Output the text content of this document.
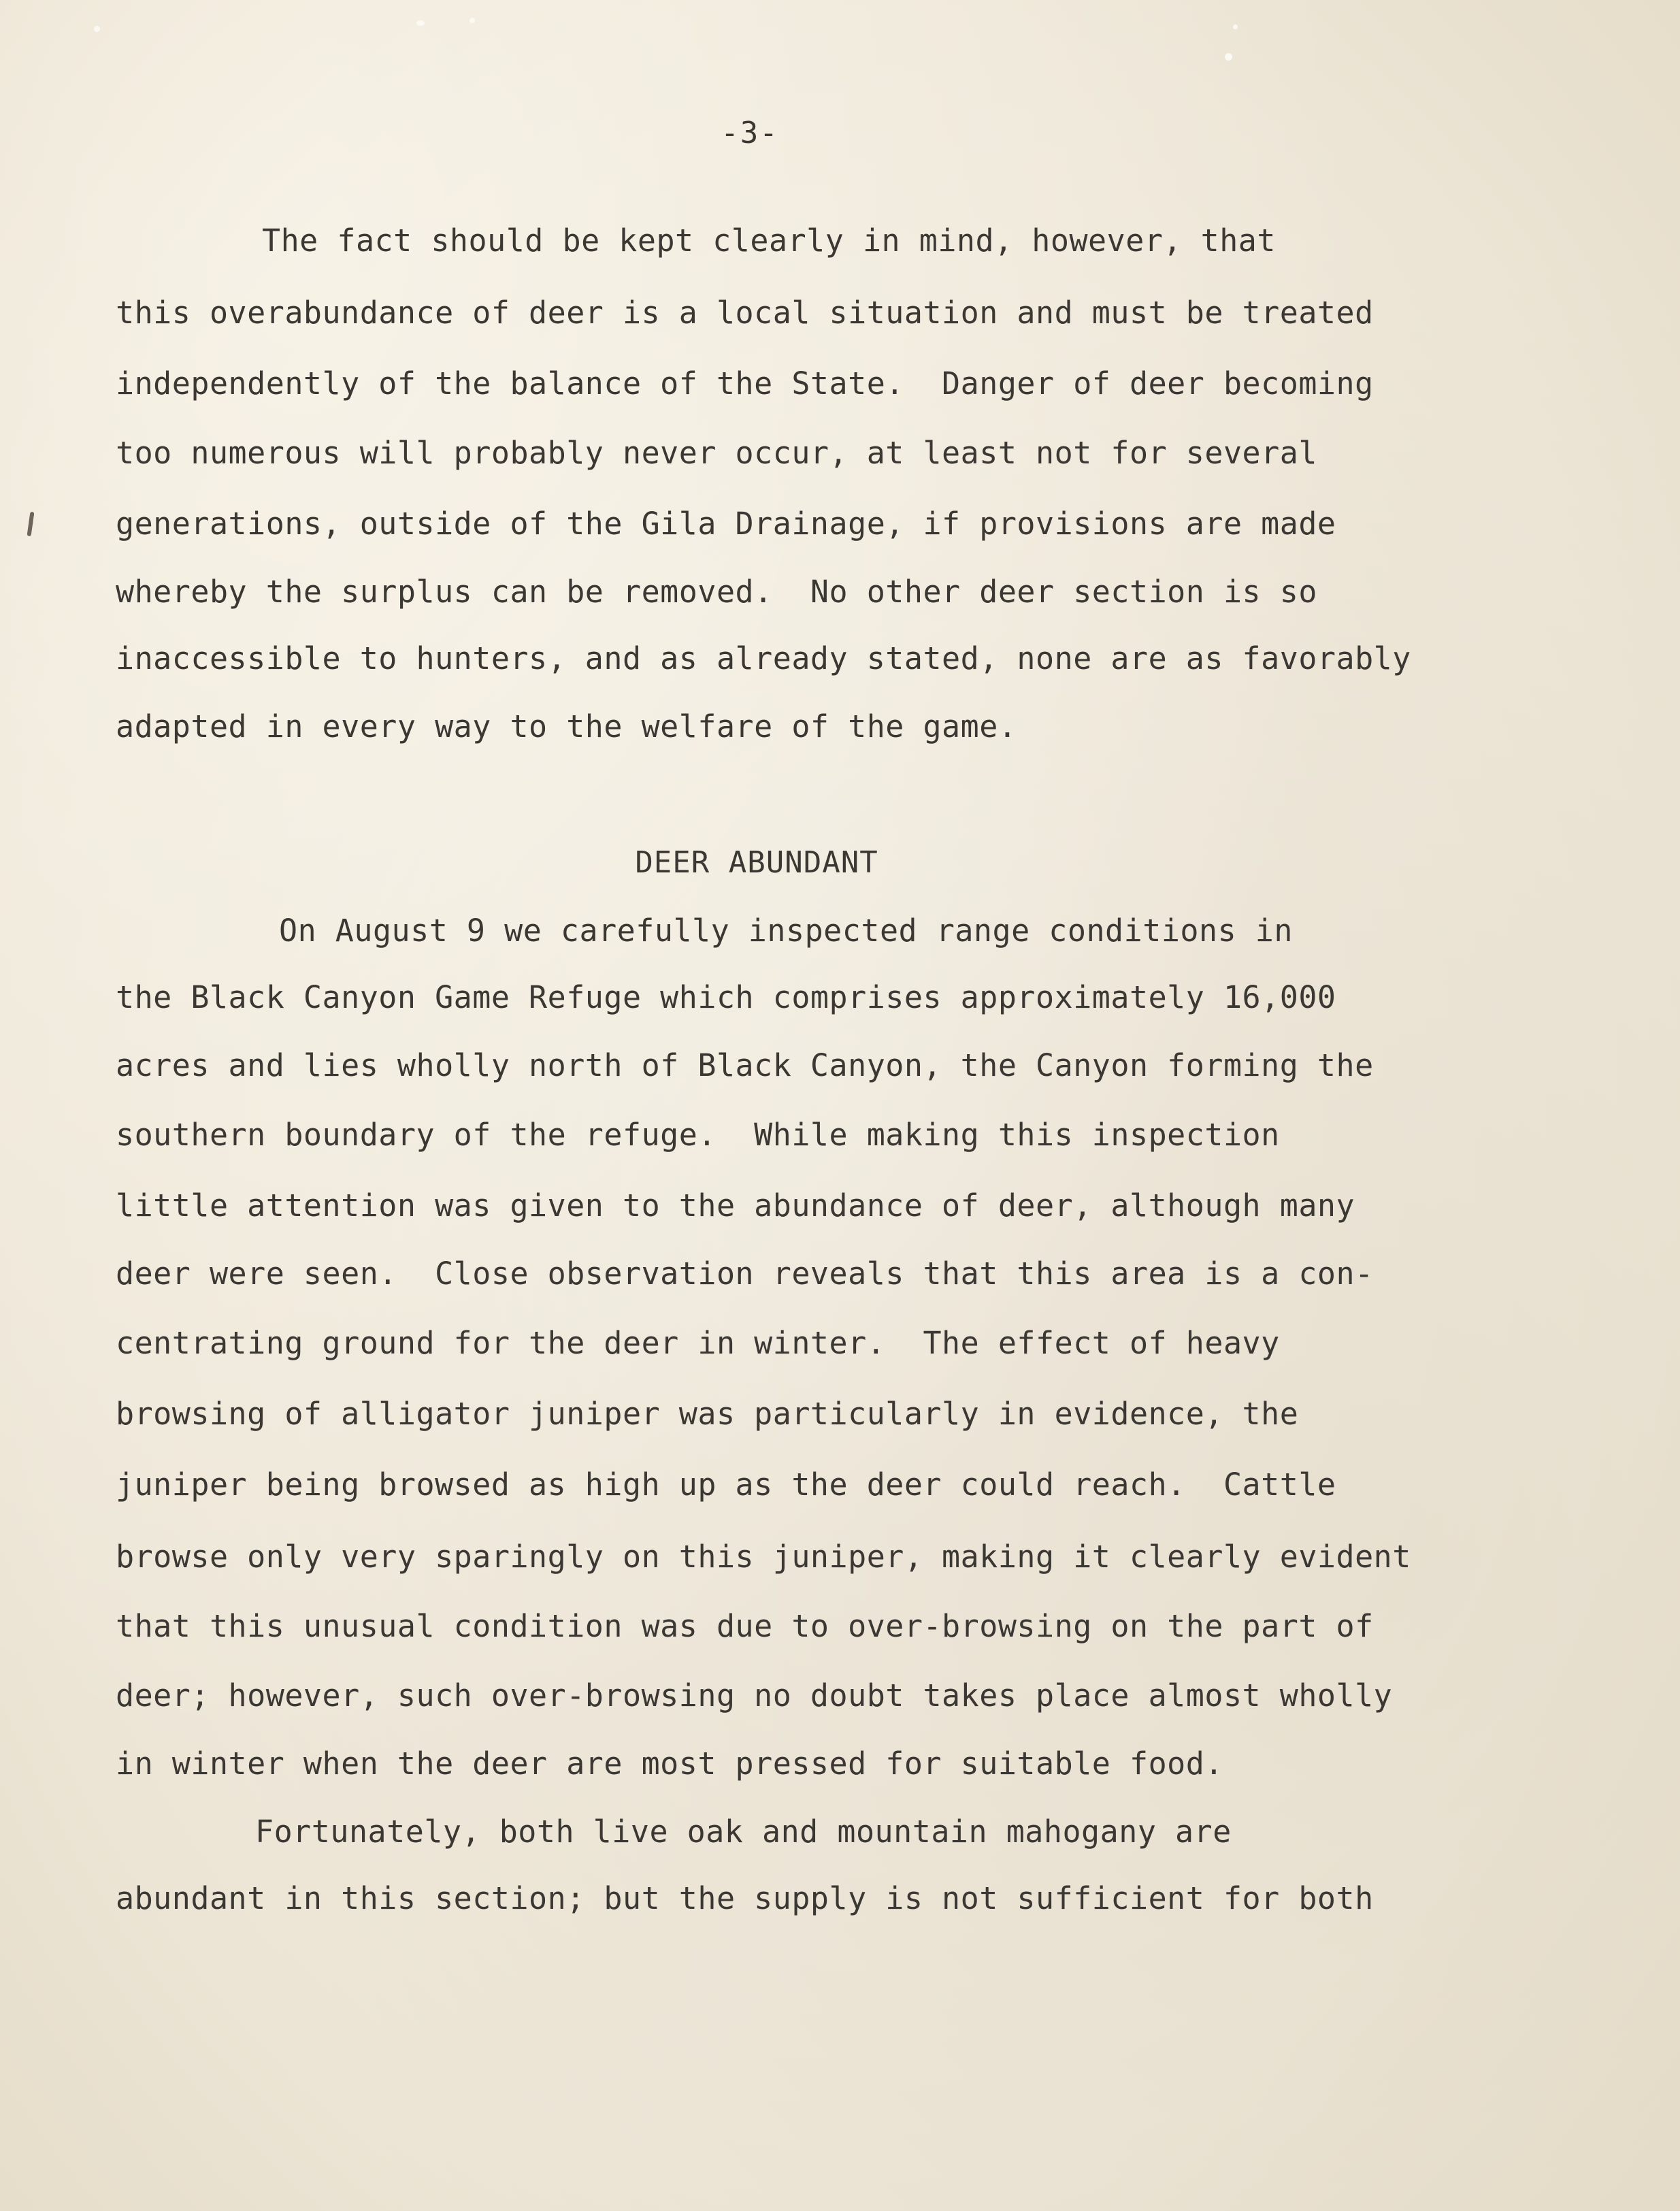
-3-

The fact should be kept clearly in mind, however, that

this overabundance of deer is a local situation and must be treated

independently of the balance of the State.  Danger of deer becoming

too numerous will probably never occur, at least not for several

generations, outside of the Gila Drainage, if provisions are made

whereby the surplus can be removed.  No other deer section is so

inaccessible to hunters, and as already stated, none are as favorably

adapted in every way to the welfare of the game.

DEER ABUNDANT

On August 9 we carefully inspected range conditions in

the Black Canyon Game Refuge which comprises approximately 16,000

acres and lies wholly north of Black Canyon, the Canyon forming the

southern boundary of the refuge.  While making this inspection

little attention was given to the abundance of deer, although many

deer were seen.  Close observation reveals that this area is a con-

centrating ground for the deer in winter.  The effect of heavy

browsing of alligator juniper was particularly in evidence, the

juniper being browsed as high up as the deer could reach.  Cattle

browse only very sparingly on this juniper, making it clearly evident

that this unusual condition was due to over-browsing on the part of

deer; however, such over-browsing no doubt takes place almost wholly

in winter when the deer are most pressed for suitable food.

Fortunately, both live oak and mountain mahogany are

abundant in this section; but the supply is not sufficient for both
